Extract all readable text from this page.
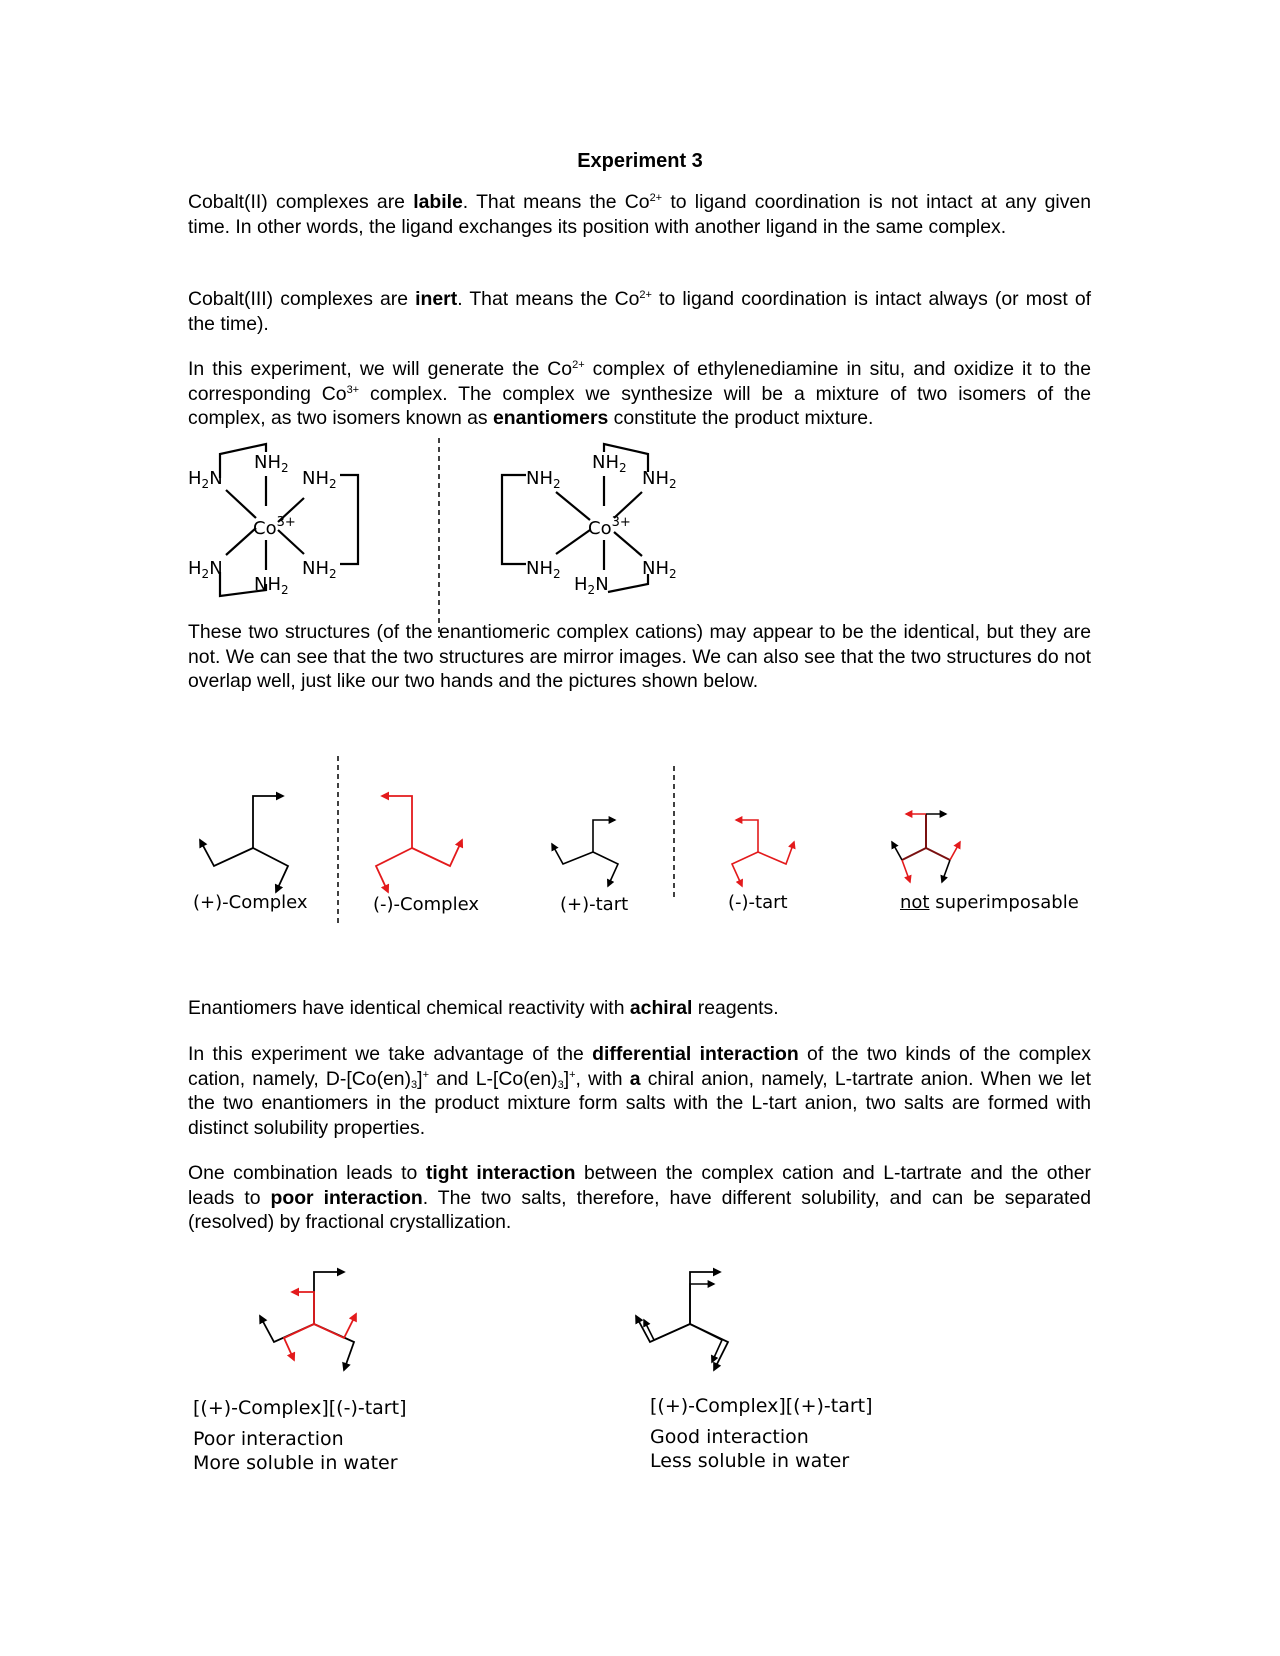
Experiment 3

Cobalt(II) complexes are labile. That means the $Co^{2+}$ to ligand coordination is not intact at any given time. In other words, the ligand exchanges its position with another ligand in the same complex.

Cobalt(III) complexes are inert. That means the $Co^{2+}$ to ligand coordination is intact always (or most of the time).

In this experiment, we will generate the $Co^{2+}$ complex of ethylenediamine in situ, and oxidize it to the corresponding $Co^{3+}$ complex. The complex we synthesize will be a mixture of two isomers of the complex, as two isomers known as enantiomers constitute the product mixture.

$H_2N$
$NH_2$ $NH_2$
$Co^{3+}$
$H_2N$	$NH_2$
$NH_2$
$NH_2$
$NH_2$ $NH_2$
$Co^{3+}$
$NH_2$	$NH_2$
$H_2N$

These two structures (of the enantiomeric complex cations) may appear to be the identical, but they are not. We can see that the two structures are mirror images. We can also see that the two structures do not overlap well, just like our two hands and the pictures shown below.

(+)-Complex	(-)-Complex	(+)-tart	(-)-tart	not superimposable

Enantiomers have identical chemical reactivity with achiral reagents.

In this experiment we take advantage of the differential interaction of the two kinds of the complex cation, namely, $D-[Co(en)_3]^+$ and $L-[Co(en)_3]^+$, with a chiral anion, namely, L-tartrate anion. When we let the two enantiomers in the product mixture form salts with the L-tart anion, two salts are formed with distinct solubility properties.

One combination leads to tight interaction between the complex cation and L-tartrate and the other leads to poor interaction. The two salts, therefore, have different solubility, and can be separated (resolved) by fractional crystallization.

[(+)-Complex][(-)-tart]
Poor interaction
More soluble in water
[(+)-Complex][(+)-tart]
Good interaction
Less soluble in water
